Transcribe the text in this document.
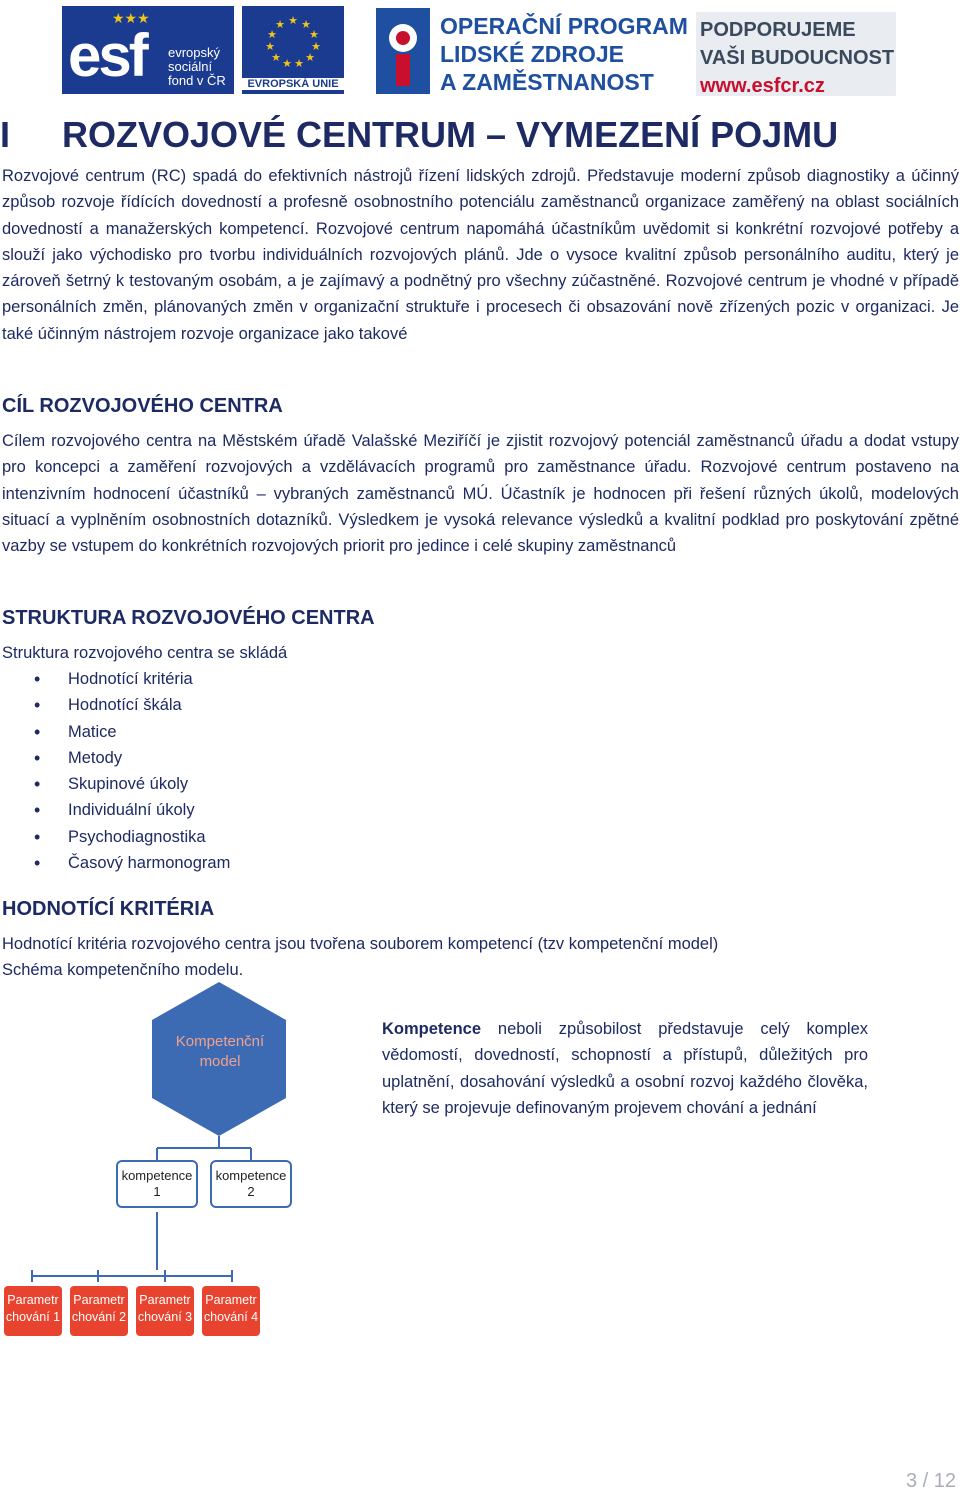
★★★
esf evropský
sociální
fond v ČR
★ ★
★
★
★
★
★
★
★
★
★
EVROPSKÁ UNIE
OPERAČNÍ PROGRAM
LIDSKÉ ZDROJE
A ZAMĚSTNANOST
PODPORUJEME
VAŠI BUDOUCNOST
www.esfcr.cz
I ROZVOJOVÉ CENTRUM – VYMEZENÍ POJMU
Rozvojové centrum (RC) spadá do efektivních nástrojů řízení lidských zdrojů. Představuje moderní způsob diagnostiky a účinný způsob rozvoje řídících dovedností a profesně osobnostního potenciálu zaměstnanců organizace zaměřený na oblast sociálních dovedností a manažerských kompetencí. Rozvojové centrum napomáhá účastníkům uvědomit si konkrétní rozvojové potřeby a slouží jako východisko pro tvorbu individuálních rozvojových plánů. Jde o vysoce kvalitní způsob personálního auditu, který je zároveň šetrný k testovaným osobám, a je zajímavý a podnětný pro všechny zúčastněné. Rozvojové centrum je vhodné v případě personálních změn, plánovaných změn v organizační struktuře i procesech či obsazování nově zřízených pozic v organizaci. Je také účinným nástrojem rozvoje organizace jako takové
CÍL ROZVOJOVÉHO CENTRA
Cílem rozvojového centra na Městském úřadě Valašské Meziříčí je zjistit rozvojový potenciál zaměstnanců úřadu a dodat vstupy pro koncepci a zaměření rozvojových a vzdělávacích programů pro zaměstnance úřadu. Rozvojové centrum postaveno na intenzivním hodnocení účastníků – vybraných zaměstnanců MÚ. Účastník je hodnocen při řešení různých úkolů, modelových situací a vyplněním osobnostních dotazníků. Výsledkem je vysoká relevance výsledků a kvalitní podklad pro poskytování zpětné vazby se vstupem do konkrétních rozvojových priorit pro jedince i celé skupiny zaměstnanců
STRUKTURA ROZVOJOVÉHO CENTRA
Struktura rozvojového centra se skládá
• Hodnotící kritéria
• Hodnotící škála
• Matice
• Metody
• Skupinové úkoly
• Individuální úkoly
• Psychodiagnostika
• Časový harmonogram
HODNOTÍCÍ KRITÉRIA
Hodnotící kritéria rozvojového centra jsou tvořena souborem kompetencí (tzv kompetenční model)
Schéma kompetenčního modelu.
Kompetenční
model
kompetence
1
kompetence
2
Parametr
chování 1
Parametr
chování 2
Parametr
chování 3
Parametr
chování 4
Kompetence neboli způsobilost představuje celý komplex vědomostí, dovedností, schopností a přístupů, důležitých pro uplatnění, dosahování výsledků a osobní rozvoj každého člověka, který se projevuje definovaným projevem chování a jednání
3 / 12
